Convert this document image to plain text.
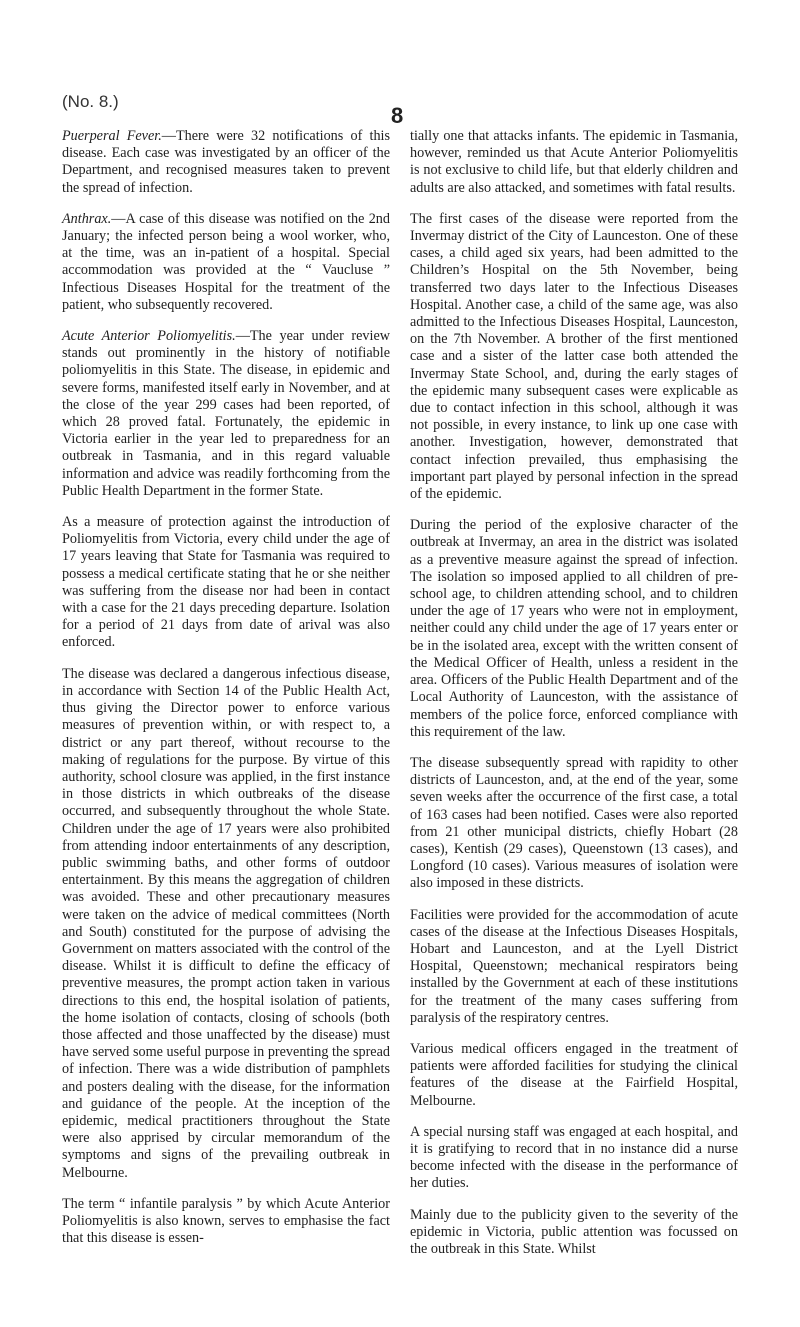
(No. 8.)
8

Puerperal Fever.—There were 32 notifications of this disease. Each case was investigated by an officer of the Department, and recognised measures taken to prevent the spread of infection.

Anthrax.—A case of this disease was notified on the 2nd January; the infected person being a wool worker, who, at the time, was an in-patient of a hospital. Special accommodation was provided at the “ Vaucluse ” Infectious Diseases Hospital for the treatment of the patient, who subsequently recovered.

Acute Anterior Poliomyelitis.—The year under review stands out prominently in the history of notifiable poliomyelitis in this State. The disease, in epidemic and severe forms, manifested itself early in November, and at the close of the year 299 cases had been reported, of which 28 proved fatal. Fortunately, the epidemic in Victoria earlier in the year led to preparedness for an outbreak in Tasmania, and in this regard valuable information and advice was readily forthcoming from the Public Health Department in the former State.

As a measure of protection against the introduction of Poliomyelitis from Victoria, every child under the age of 17 years leaving that State for Tasmania was required to possess a medical certificate stating that he or she neither was suffering from the disease nor had been in contact with a case for the 21 days preceding departure. Isolation for a period of 21 days from date of arival was also enforced.

The disease was declared a dangerous infectious disease, in accordance with Section 14 of the Public Health Act, thus giving the Director power to enforce various measures of prevention within, or with respect to, a district or any part thereof, without recourse to the making of regulations for the purpose. By virtue of this authority, school closure was applied, in the first instance in those districts in which outbreaks of the disease occurred, and subsequently throughout the whole State. Children under the age of 17 years were also prohibited from attending indoor entertainments of any description, public swimming baths, and other forms of outdoor entertainment. By this means the aggregation of children was avoided. These and other precautionary measures were taken on the advice of medical committees (North and South) constituted for the purpose of advising the Government on matters associated with the control of the disease. Whilst it is difficult to define the efficacy of preventive measures, the prompt action taken in various directions to this end, the hospital isolation of patients, the home isolation of contacts, closing of schools (both those affected and those unaffected by the disease) must have served some useful purpose in preventing the spread of infection. There was a wide distribution of pamphlets and posters dealing with the disease, for the information and guidance of the people. At the inception of the epidemic, medical practitioners throughout the State were also apprised by circular memorandum of the symptoms and signs of the prevailing outbreak in Melbourne.

The term “ infantile paralysis ” by which Acute Anterior Poliomyelitis is also known, serves to emphasise the fact that this disease is essen-

tially one that attacks infants. The epidemic in Tasmania, however, reminded us that Acute Anterior Poliomyelitis is not exclusive to child life, but that elderly children and adults are also attacked, and sometimes with fatal results.

The first cases of the disease were reported from the Invermay district of the City of Launceston. One of these cases, a child aged six years, had been admitted to the Children’s Hospital on the 5th November, being transferred two days later to the Infectious Diseases Hospital. Another case, a child of the same age, was also admitted to the Infectious Diseases Hospital, Launceston, on the 7th November. A brother of the first mentioned case and a sister of the latter case both attended the Invermay State School, and, during the early stages of the epidemic many subsequent cases were explicable as due to contact infection in this school, although it was not possible, in every instance, to link up one case with another. Investigation, however, demonstrated that contact infection prevailed, thus emphasising the important part played by personal infection in the spread of the epidemic.

During the period of the explosive character of the outbreak at Invermay, an area in the district was isolated as a preventive measure against the spread of infection. The isolation so imposed applied to all children of pre-school age, to children attending school, and to children under the age of 17 years who were not in employment, neither could any child under the age of 17 years enter or be in the isolated area, except with the written consent of the Medical Officer of Health, unless a resident in the area. Officers of the Public Health Department and of the Local Authority of Launceston, with the assistance of members of the police force, enforced compliance with this requirement of the law.

The disease subsequently spread with rapidity to other districts of Launceston, and, at the end of the year, some seven weeks after the occurrence of the first case, a total of 163 cases had been notified. Cases were also reported from 21 other municipal districts, chiefly Hobart (28 cases), Kentish (29 cases), Queenstown (13 cases), and Longford (10 cases). Various measures of isolation were also imposed in these districts.

Facilities were provided for the accommodation of acute cases of the disease at the Infectious Diseases Hospitals, Hobart and Launceston, and at the Lyell District Hospital, Queenstown; mechanical respirators being installed by the Government at each of these institutions for the treatment of the many cases suffering from paralysis of the respiratory centres.

Various medical officers engaged in the treatment of patients were afforded facilities for studying the clinical features of the disease at the Fairfield Hospital, Melbourne.

A special nursing staff was engaged at each hospital, and it is gratifying to record that in no instance did a nurse become infected with the disease in the performance of her duties.

Mainly due to the publicity given to the severity of the epidemic in Victoria, public attention was focussed on the outbreak in this State. Whilst
